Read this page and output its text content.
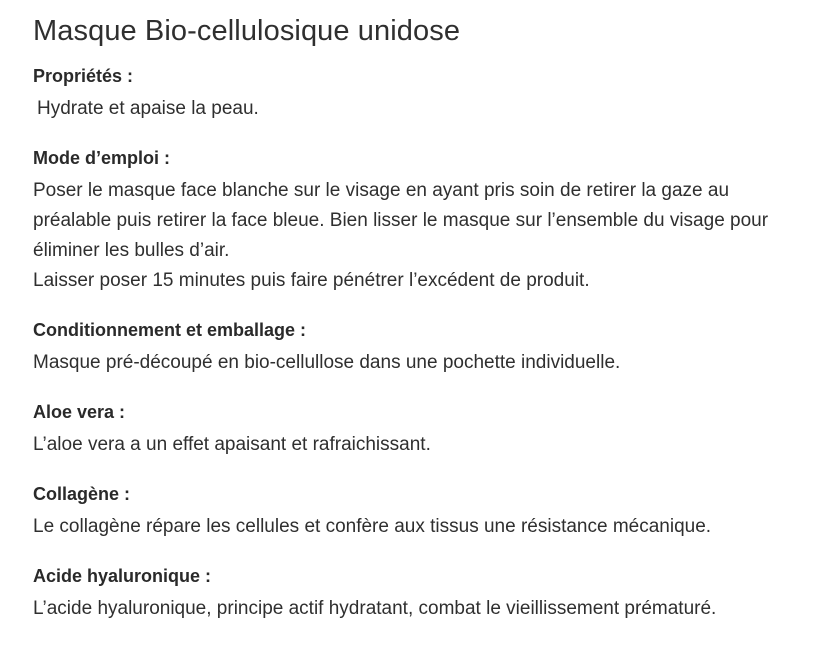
Masque Bio-cellulosique unidose
Propriétés :
Hydrate et apaise la peau.
Mode d’emploi :
Poser le masque face blanche sur le visage en ayant pris soin de retirer la gaze au
préalable puis retirer la face bleue. Bien lisser le masque sur l’ensemble du visage pour
éliminer les bulles d’air.
Laisser poser 15 minutes puis faire pénétrer l’excédent de produit.
Conditionnement et emballage :
Masque pré-découpé en bio-cellullose dans une pochette individuelle.
Aloe vera :
L’aloe vera a un effet apaisant et rafraichissant.
Collagène :
Le collagène répare les cellules et confère aux tissus une résistance mécanique.
Acide hyaluronique :
L’acide hyaluronique, principe actif hydratant, combat le vieillissement prématuré.
